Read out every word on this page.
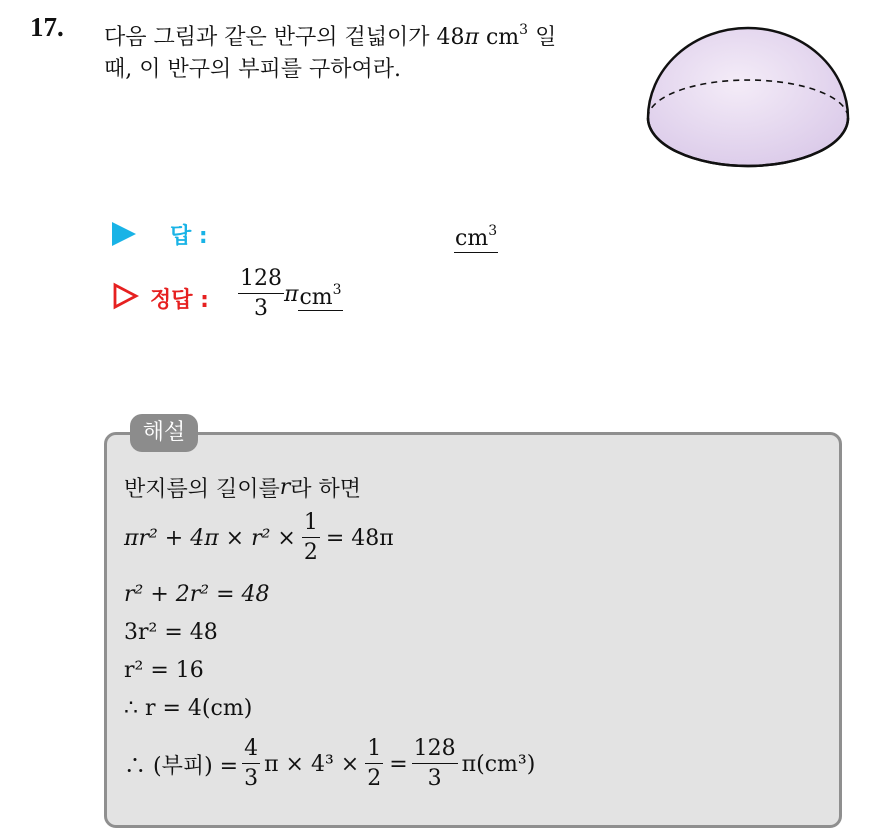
17. 다음 그림과 같은 반구의 겉넓이가 48π $cm^3$ 일
때, 이 반구의 부피를 구하여라.
답 :	$cm^3$
정답 : $\frac{128}{3}$ π $cm^3$
해설
반지름의 길이를 r 라 하면
$\pi r^2 + 4\pi \times r^2 \times \frac{1}{2} = 48\pi$
r² + 2r² = 48
3r² = 48
r² = 16
∴ r = 4(cm)
∴ (부피) = $\frac{4}{3}$ $\pi \times 4^3 \times \frac{1}{2} = \frac{128}{3} \pi(cm^3)$
